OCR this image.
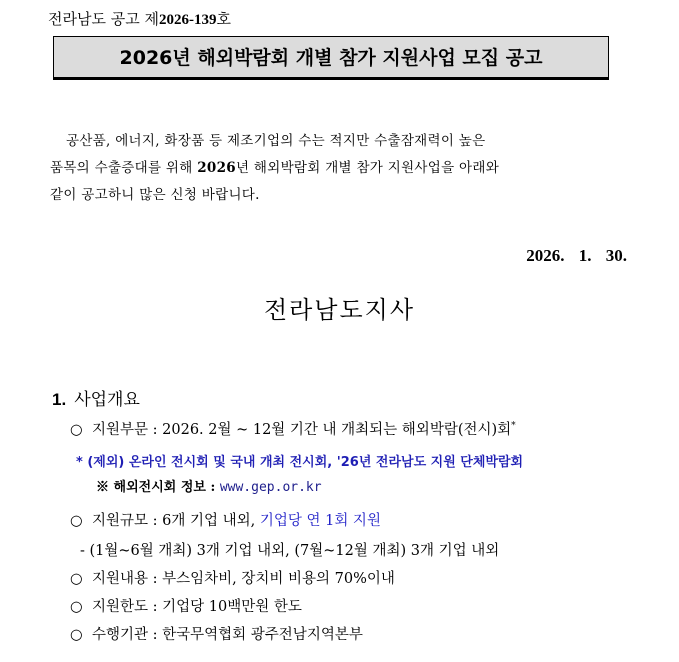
전라남도 공고 제2026-139호
2026년 해외박람회 개별 참가 지원사업 모집 공고
공산품, 에너지, 화장품 등 제조기업의 수는 적지만 수출잠재력이 높은
품목의 수출증대를 위해 2026년 해외박람회 개별 참가 지원사업을 아래와
같이 공고하니 많은 신청 바랍니다.
2026. 1. 30.
전라남도지사
1. 사업개요
○ 지원부문 : 2026. 2월 ~ 12월 기간 내 개최되는 해외박람(전시)회*
* (제외) 온라인 전시회 및 국내 개최 전시회, '26년 전라남도 지원 단체박람회
※ 해외전시회 정보 : www.gep.or.kr
○ 지원규모 : 6개 기업 내외, 기업당 연 1회 지원
- (1월~6월 개최) 3개 기업 내외, (7월~12월 개최) 3개 기업 내외
○ 지원내용 : 부스임차비, 장치비 비용의 70%이내
○ 지원한도 : 기업당 10백만원 한도
○ 수행기관 : 한국무역협회 광주전남지역본부
